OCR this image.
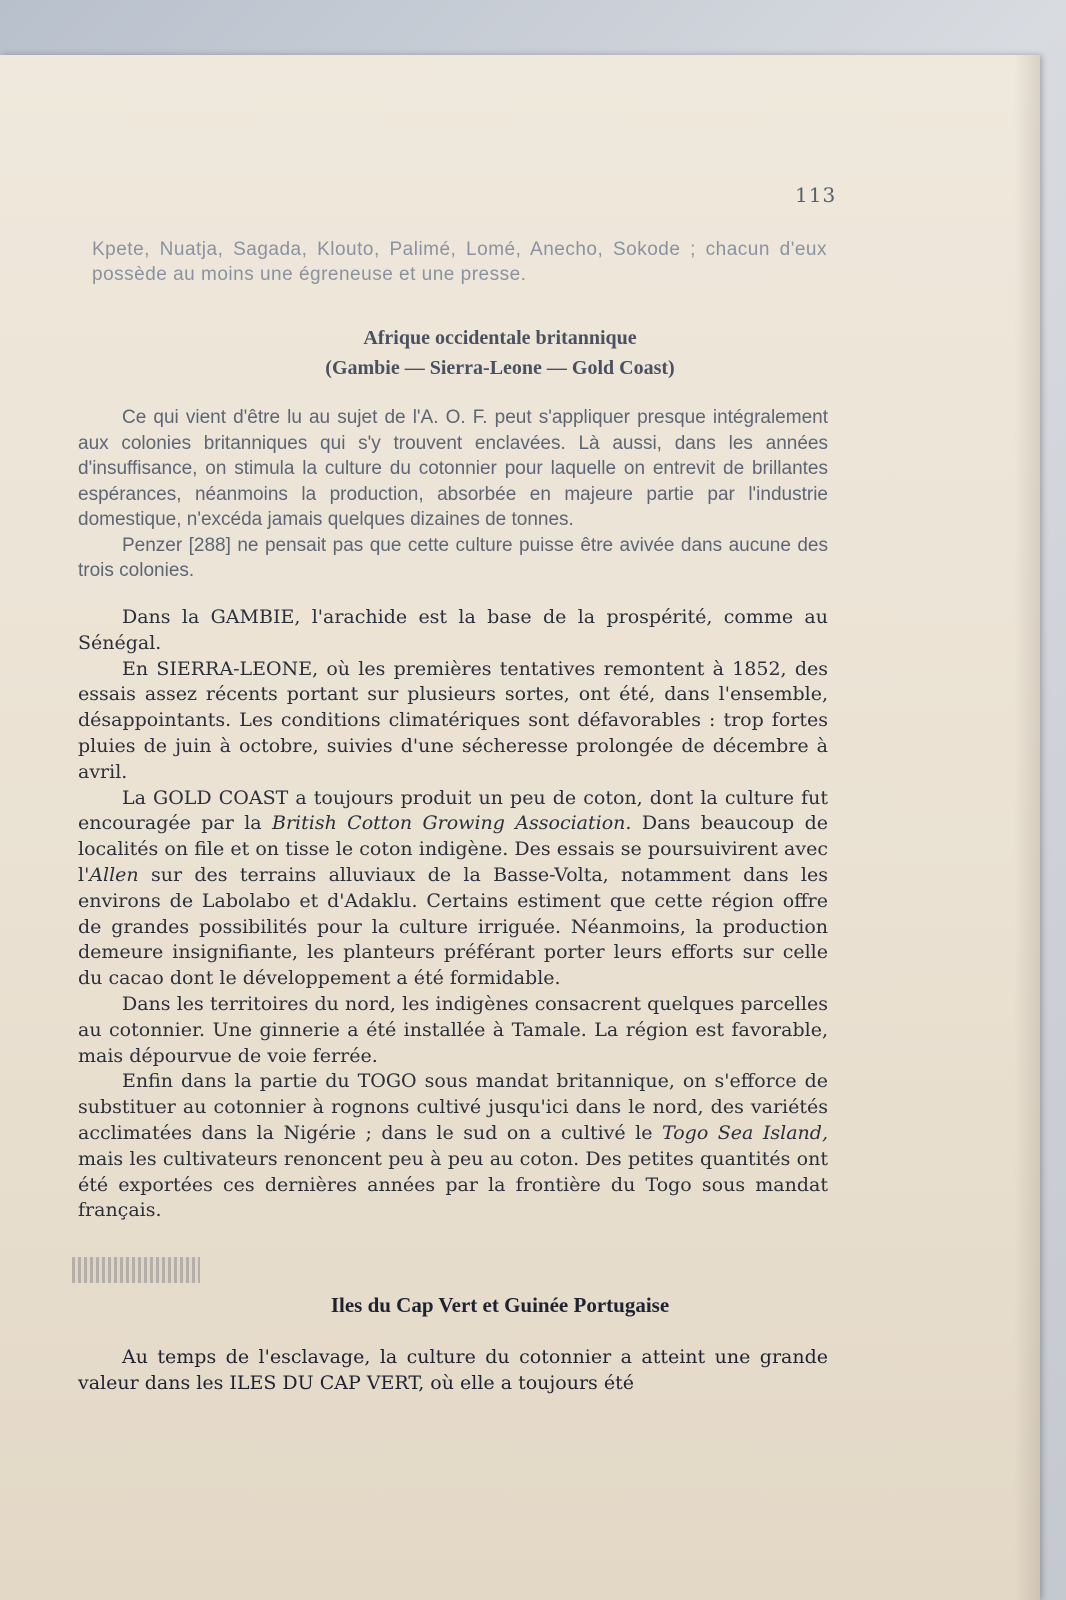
113
Kpete, Nuatja, Sagada, Klouto, Palimé, Lomé, Anecho, Sokode ; chacun d'eux possède au moins une égreneuse et une presse.
Afrique occidentale britannique
(Gambie — Sierra-Leone — Gold Coast)

Ce qui vient d'être lu au sujet de l'A. O. F. peut s'appliquer presque intégralement aux colonies britanniques qui s'y trouvent enclavées. Là aussi, dans les années d'insuffisance, on stimula la culture du cotonnier pour laquelle on entrevit de brillantes espérances, néanmoins la production, absorbée en majeure partie par l'industrie domestique, n'excéda jamais quelques dizaines de tonnes.

Penzer [288] ne pensait pas que cette culture puisse être avivée dans aucune des trois colonies.

Dans la GAMBIE, l'arachide est la base de la prospérité, comme au Sénégal.

En SIERRA-LEONE, où les premières tentatives remontent à 1852, des essais assez récents portant sur plusieurs sortes, ont été, dans l'ensemble, désappointants. Les conditions climatériques sont défavorables : trop fortes pluies de juin à octobre, suivies d'une sécheresse prolongée de décembre à avril.

La GOLD COAST a toujours produit un peu de coton, dont la culture fut encouragée par la British Cotton Growing Association. Dans beaucoup de localités on file et on tisse le coton indigène. Des essais se poursuivirent avec l'Allen sur des terrains alluviaux de la Basse-Volta, notamment dans les environs de Labolabo et d'Adaklu. Certains estiment que cette région offre de grandes possibilités pour la culture irriguée. Néanmoins, la production demeure insignifiante, les planteurs préférant porter leurs efforts sur celle du cacao dont le développement a été formidable.

Dans les territoires du nord, les indigènes consacrent quelques parcelles au cotonnier. Une ginnerie a été installée à Tamale. La région est favorable, mais dépourvue de voie ferrée.

Enfin dans la partie du TOGO sous mandat britannique, on s'efforce de substituer au cotonnier à rognons cultivé jusqu'ici dans le nord, des variétés acclimatées dans la Nigérie ; dans le sud on a cultivé le Togo Sea Island, mais les cultivateurs renoncent peu à peu au coton. Des petites quantités ont été exportées ces dernières années par la frontière du Togo sous mandat français.

Iles du Cap Vert et Guinée Portugaise

Au temps de l'esclavage, la culture du cotonnier a atteint une grande valeur dans les ILES DU CAP VERT, où elle a toujours été
